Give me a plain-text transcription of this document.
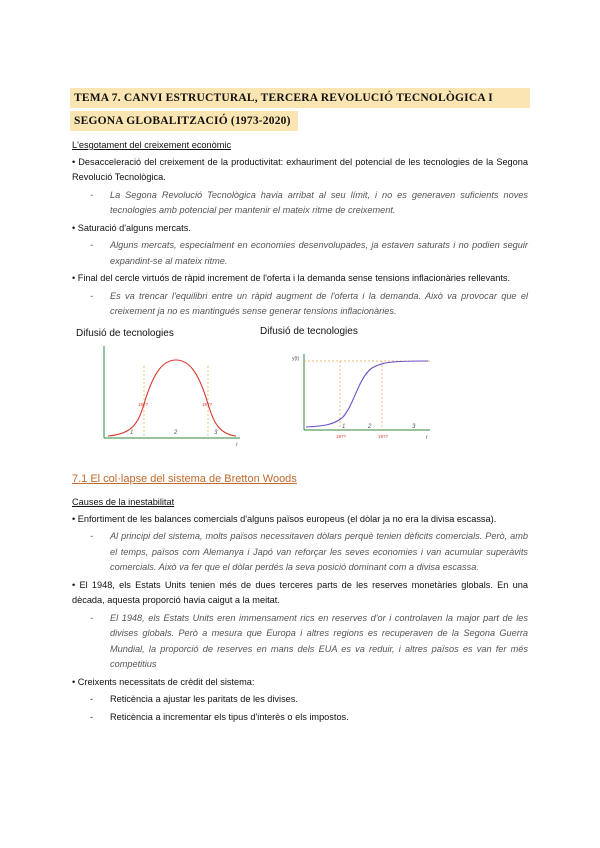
TEMA 7. CANVI ESTRUCTURAL, TERCERA REVOLUCIÓ TECNOLÒGICA I
SEGONA GLOBALITZACIÓ (1973-2020)
L'esgotament del creixement econòmic

• Desacceleració del creixement de la productivitat: exhauriment del potencial de les tecnologies de la Segona Revolució Tecnològica.

-	La Segona Revolució Tecnològica havia arribat al seu límit, i no es generaven suficients noves tecnologies amb potencial per mantenir el mateix ritme de creixement.

• Saturació d'alguns mercats.

-	Alguns mercats, especialment en economies desenvolupades, ja estaven saturats i no podien seguir expandint-se al mateix ritme.

• Final del cercle virtuós de ràpid increment de l'oferta i la demanda sense tensions inflacionàries rellevants.

-	Es va trencar l'equilibri entre un ràpid augment de l'oferta i la demanda. Això va provocar que el creixement ja no es mantingués sense generar tensions inflacionàries.
Difusió de tecnologies	Difusió de tecnologies
19??	19??
1	2	3
t
y(t)
19??	19??
1	2	3
t
7.1 El col·lapse del sistema de Bretton Woods
Causes de la inestabilitat

• Enfortiment de les balances comercials d'alguns països europeus (el dòlar ja no era la divisa escassa).

-	Al principi del sistema, molts països necessitaven dòlars perquè tenien dèficits comercials. Però, amb el temps, països com Alemanya i Japó van reforçar les seves economies i van acumular superàvits comercials. Això va fer que el dòlar perdés la seva posició dominant com a divisa escassa.

• El 1948, els Estats Units tenien més de dues terceres parts de les reserves monetàries globals. En una dècada, aquesta proporció havia caigut a la meitat.

-	El 1948, els Estats Units eren immensament rics en reserves d'or i controlaven la major part de les divises globals. Però a mesura que Europa i altres regions es recuperaven de la Segona Guerra Mundial, la proporció de reserves en mans dels EUA es va reduir, i altres països es van fer més competitius

• Creixents necessitats de crèdit del sistema:

-	Reticència a ajustar les paritats de les divises.
-	Reticència a incrementar els tipus d'interès o els impostos.
